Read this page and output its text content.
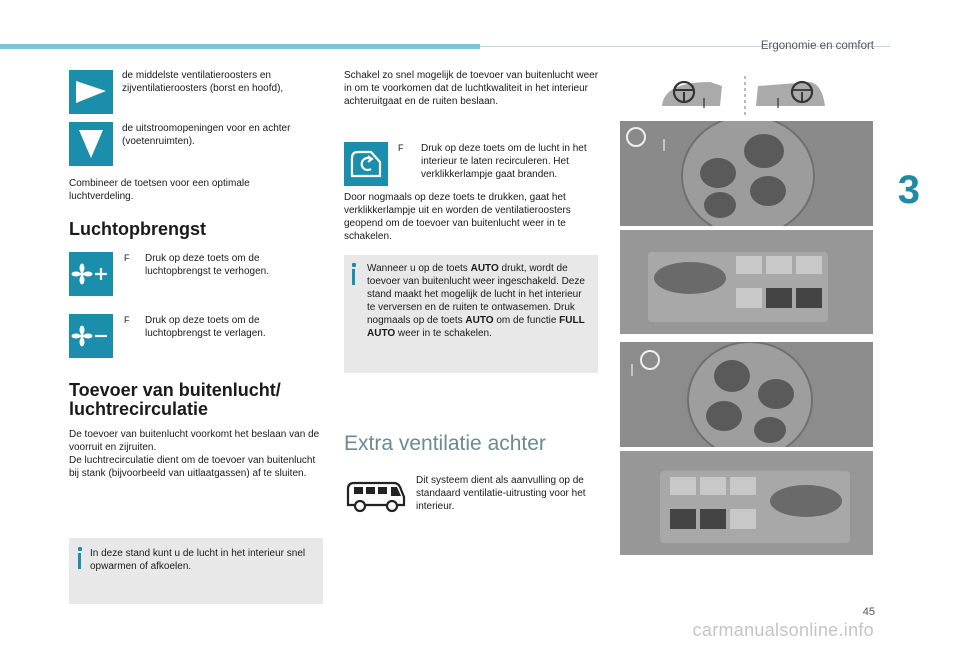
Ergonomie en comfort
3
de middelste ventilatieroosters en zijventilatieroosters (borst en hoofd),
de uitstroomopeningen voor en achter (voetenruimten).
Combineer de toetsen voor een optimale luchtverdeling.
Luchtopbrengst
F Druk op deze toets om de luchtopbrengst te verhogen.
F Druk op deze toets om de luchtopbrengst te verlagen.
Toevoer van buitenlucht/
luchtrecirculatie
De toevoer van buitenlucht voorkomt het beslaan van de voorruit en zijruiten.
De luchtrecirculatie dient om de toevoer van buitenlucht bij stank (bijvoorbeeld van uitlaatgassen) af te sluiten.
In deze stand kunt u de lucht in het interieur snel opwarmen of afkoelen.
Schakel zo snel mogelijk de toevoer van buitenlucht weer in om te voorkomen dat de luchtkwaliteit in het interieur achteruitgaat en de ruiten beslaan.
F Druk op deze toets om de lucht in het interieur te laten recirculeren. Het verklikkerlampje gaat branden.
Door nogmaals op deze toets te drukken, gaat het verklikkerlampje uit en worden de ventilatieroosters geopend om de toevoer van buitenlucht weer in te schakelen.
Wanneer u op de toets AUTO drukt, wordt de toevoer van buitenlucht weer ingeschakeld. Deze stand maakt het mogelijk de lucht in het interieur te verversen en de ruiten te ontwasemen. Druk nogmaals op de toets AUTO om de functie FULL AUTO weer in te schakelen.
Extra ventilatie achter
Dit systeem dient als aanvulling op de standaard ventilatie-uitrusting voor het interieur.
45
carmanualsonline.info
